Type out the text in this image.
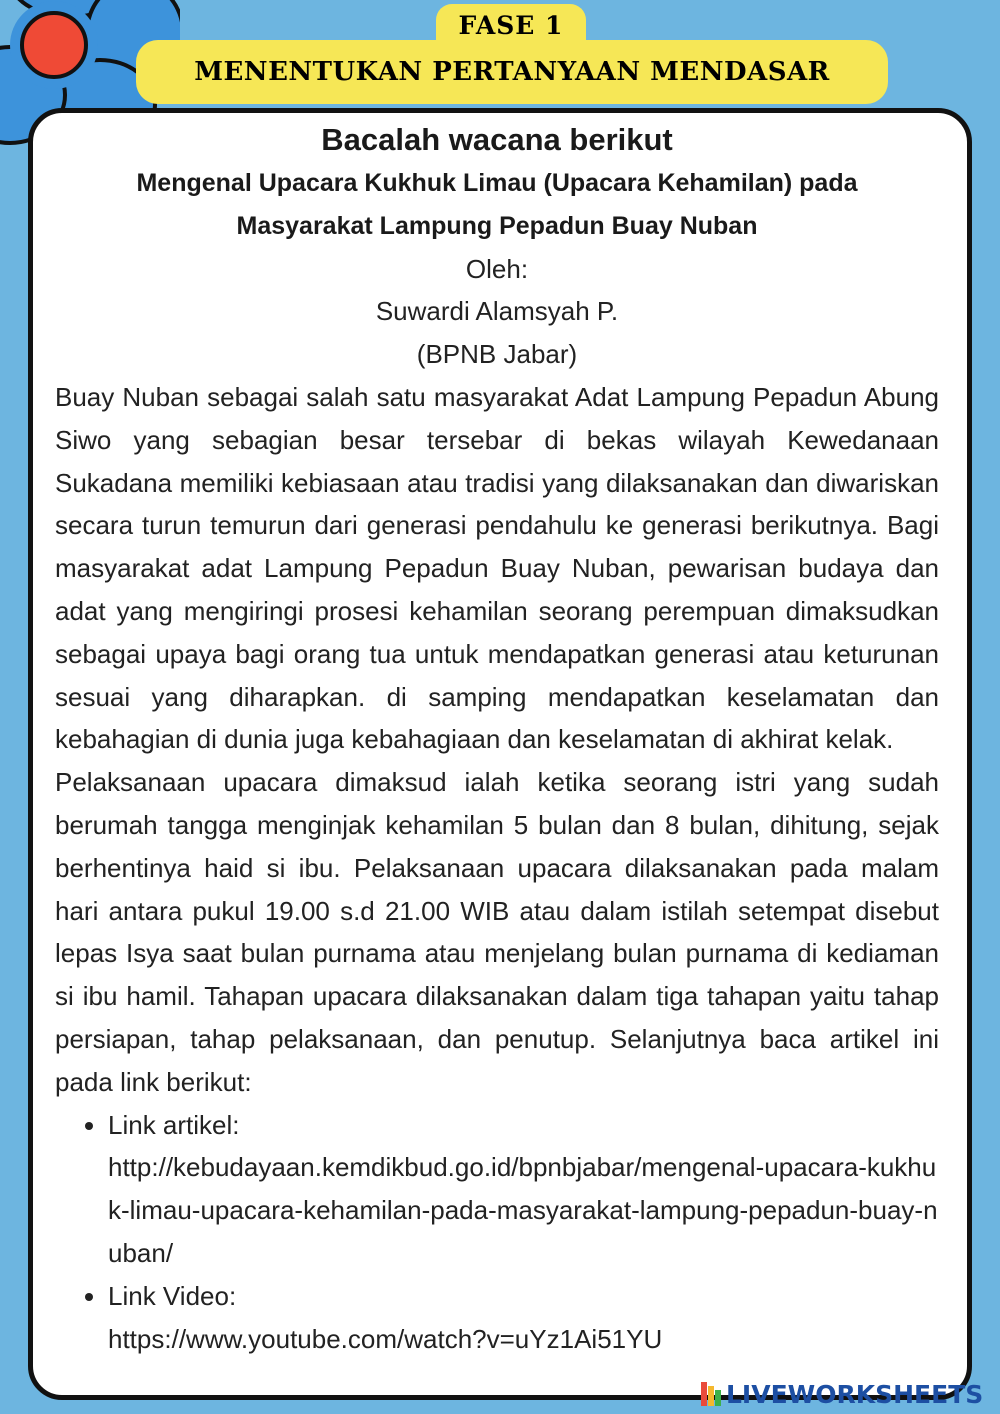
FASE 1
MENENTUKAN PERTANYAAN MENDASAR
Bacalah wacana berikut
Mengenal Upacara Kukhuk Limau (Upacara Kehamilan) pada
Masyarakat Lampung Pepadun Buay Nuban
Oleh:
Suwardi Alamsyah P.
(BPNB Jabar)

Buay Nuban sebagai salah satu masyarakat Adat Lampung Pepadun Abung Siwo yang sebagian besar tersebar di bekas wilayah Kewedanaan Sukadana memiliki kebiasaan atau tradisi yang dilaksanakan dan diwariskan secara turun temurun dari generasi pendahulu ke generasi berikutnya. Bagi masyarakat adat Lampung Pepadun Buay Nuban, pewarisan budaya dan adat yang mengiringi prosesi kehamilan seorang perempuan dimaksudkan sebagai upaya bagi orang tua untuk mendapatkan generasi atau keturunan sesuai yang diharapkan. di samping mendapatkan keselamatan dan kebahagian di dunia juga kebahagiaan dan keselamatan di akhirat kelak.

Pelaksanaan upacara dimaksud ialah ketika seorang istri yang sudah berumah tangga menginjak kehamilan 5 bulan dan 8 bulan, dihitung, sejak berhentinya haid si ibu. Pelaksanaan upacara dilaksanakan pada malam hari antara pukul 19.00 s.d 21.00 WIB atau dalam istilah setempat disebut lepas Isya saat bulan purnama atau menjelang bulan purnama di kediaman si ibu hamil. Tahapan upacara dilaksanakan dalam tiga tahapan yaitu tahap persiapan, tahap pelaksanaan, dan penutup. Selanjutnya baca artikel ini pada link berikut:

• Link artikel:
http://kebudayaan.kemdikbud.go.id/bpnbjabar/mengenal-upacara-kukhuk-limau-upacara-kehamilan-pada-masyarakat-lampung-pepadun-buay-nuban/
• Link Video:
https://www.youtube.com/watch?v=uYz1Ai51YU
LIVEWORKSHEETS
